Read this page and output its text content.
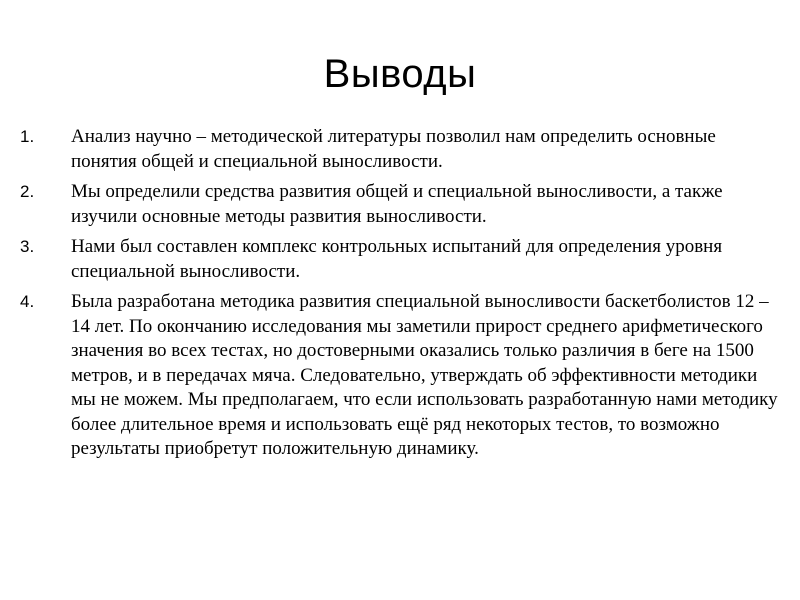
Выводы
1. Анализ научно – методической литературы позволил нам определить основные понятия общей и специальной выносливости.
2. Мы определили средства развития общей и специальной выносливости, а также изучили основные методы развития выносливости.
3. Нами был составлен комплекс контрольных испытаний для определения уровня специальной выносливости.
4. Была разработана методика развития специальной выносливости баскетболистов 12 – 14 лет. По окончанию исследования мы заметили прирост среднего арифметического значения во всех тестах, но достоверными оказались только различия в беге на 1500 метров, и в передачах мяча. Следовательно, утверждать об эффективности методики мы не можем. Мы предполагаем, что если использовать разработанную нами методику более длительное время и использовать ещё ряд некоторых тестов, то возможно результаты приобретут положительную динамику.
